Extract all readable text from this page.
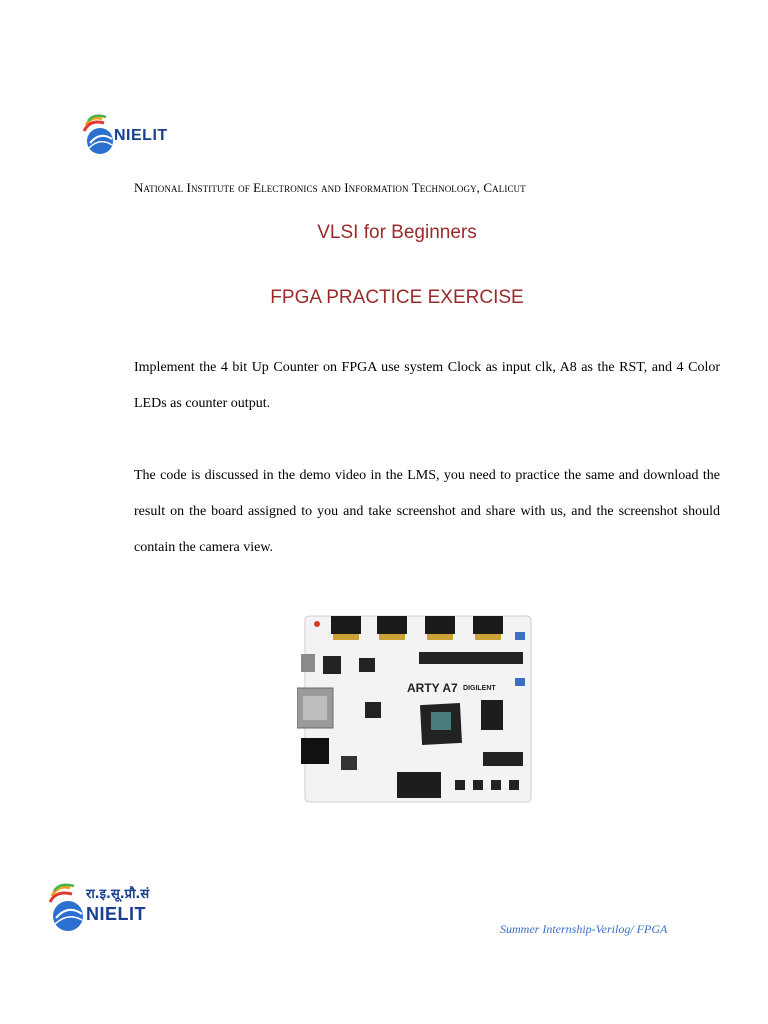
NIELIT
National Institute of Electronics and Information Technology, Calicut
VLSI for Beginners
FPGA PRACTICE EXERCISE
Implement the 4 bit Up Counter on FPGA use system Clock as input clk, A8 as the RST, and 4 Color LEDs as counter output.
The code is discussed in the demo video in the LMS, you need to practice the same and download the result on the board assigned to you and take screenshot and share with us, and the screenshot should contain the camera view.
ARTY A7 DIGILENT
रा.इ.सू.प्रौ.सं
NIELIT
Summer Internship-Verilog/ FPGA
